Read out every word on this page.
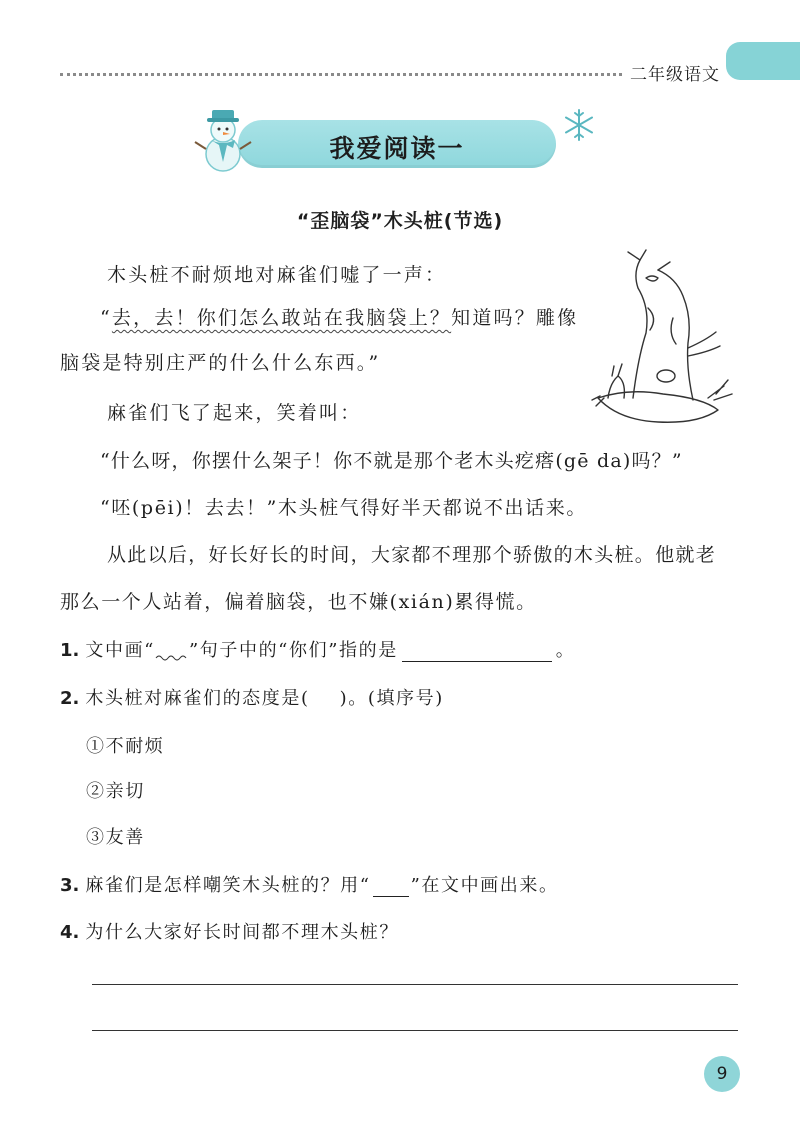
二年级语文
我爱阅读一
“歪脑袋”木头桩(节选)
木头桩不耐烦地对麻雀们嘘了一声：
“去，去！你们怎么敢站在我脑袋上？知道吗？雕像
脑袋是特别庄严的什么什么东西。”
麻雀们飞了起来，笑着叫：
“什么呀，你摆什么架子！你不就是那个老木头疙瘩(gē da)吗？”
“呸(pēi)！去去！”木头桩气得好半天都说不出话来。
从此以后，好长好长的时间，大家都不理那个骄傲的木头桩。他就老
那么一个人站着，偏着脑袋，也不嫌(xián)累得慌。
1. 文中画“ ”句子中的“你们”指的是	。
2. 木头桩对麻雀们的态度是( )。(填序号)
①不耐烦
②亲切
③友善
3. 麻雀们是怎样嘲笑木头桩的？用“ ”在文中画出来。
4. 为什么大家好长时间都不理木头桩？
9
